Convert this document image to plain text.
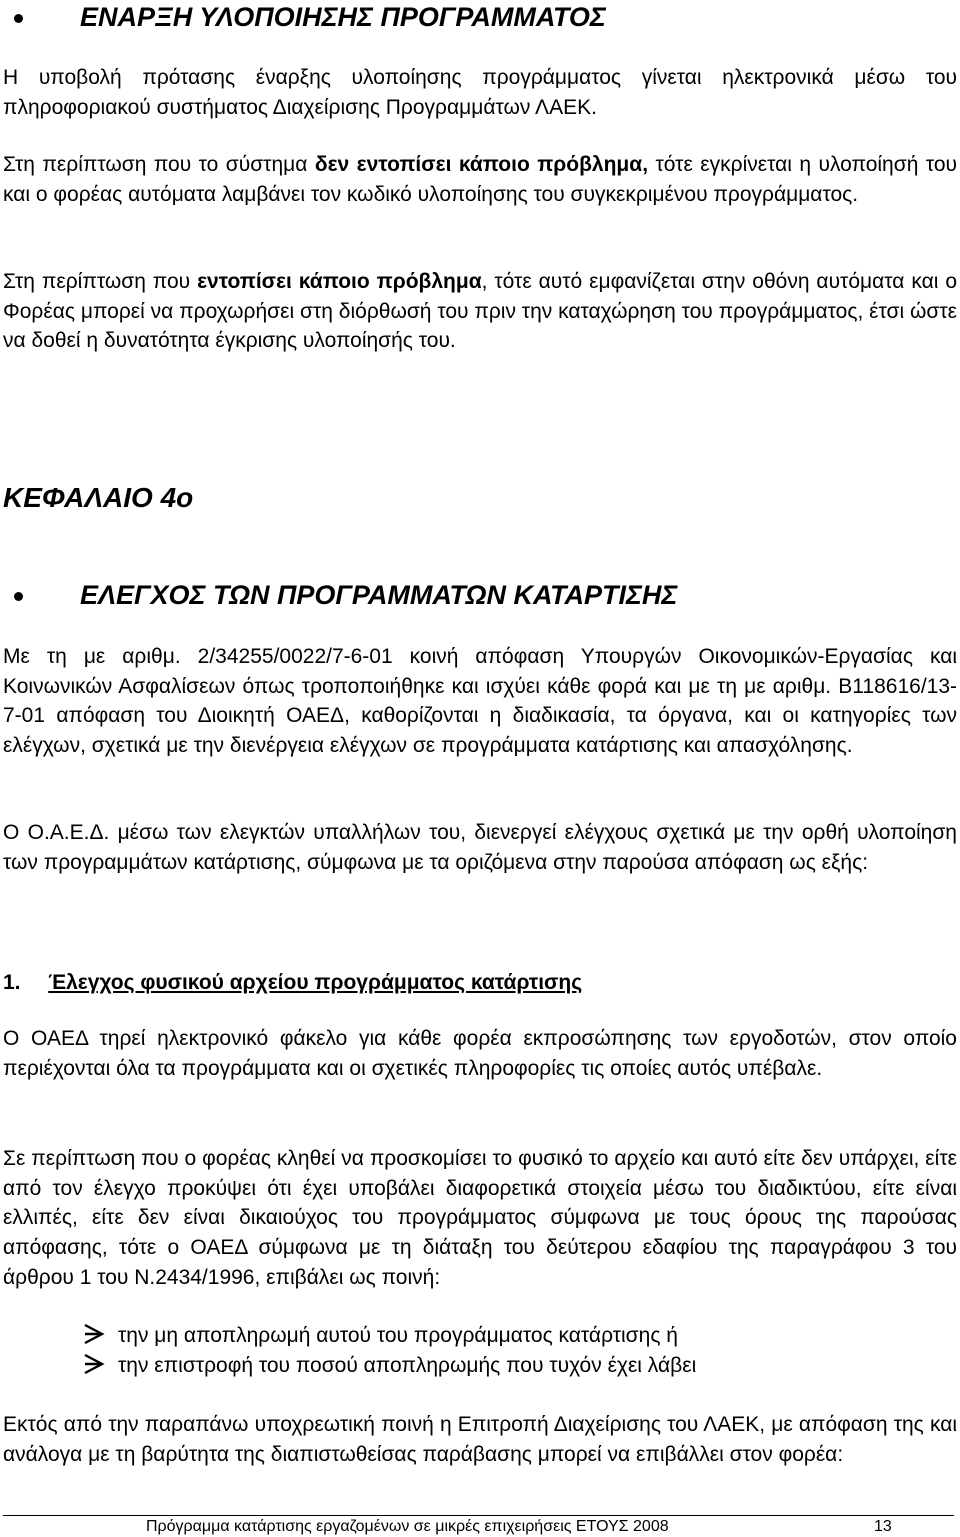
ΕΝΑΡΞΗ ΥΛΟΠΟΙΗΣΗΣ ΠΡΟΓΡΑΜΜΑΤΟΣ

Η υποβολή πρότασης έναρξης υλοποίησης προγράμματος γίνεται ηλεκτρονικά μέσω του πληροφοριακού συστήματος Διαχείρισης Προγραμμάτων ΛΑΕΚ.

Στη περίπτωση που το σύστημα δεν εντοπίσει κάποιο πρόβλημα, τότε εγκρίνεται η υλοποίησή του και ο φορέας αυτόματα λαμβάνει τον κωδικό υλοποίησης του συγκεκριμένου προγράμματος.

Στη περίπτωση που εντοπίσει κάποιο πρόβλημα, τότε αυτό εμφανίζεται στην οθόνη αυτόματα και ο Φορέας μπορεί να προχωρήσει στη διόρθωσή του πριν την καταχώρηση του προγράμματος, έτσι ώστε να δοθεί η δυνατότητα έγκρισης υλοποίησής του.

ΚΕΦΑΛΑΙΟ 4ο
ΕΛΕΓΧΟΣ ΤΩΝ ΠΡΟΓΡΑΜΜΑΤΩΝ ΚΑΤΑΡΤΙΣΗΣ

Με τη με αριθμ. 2/34255/0022/7-6-01 κοινή απόφαση Υπουργών Οικονομικών-Εργασίας και Κοινωνικών Ασφαλίσεων όπως τροποποιήθηκε και ισχύει κάθε φορά και με τη με αριθμ. Β118616/13-7-01 απόφαση του Διοικητή ΟΑΕΔ, καθορίζονται η διαδικασία, τα όργανα, και οι κατηγορίες των ελέγχων, σχετικά με την διενέργεια ελέγχων σε προγράμματα κατάρτισης και απασχόλησης.

Ο Ο.Α.Ε.Δ. μέσω των ελεγκτών υπαλλήλων του, διενεργεί ελέγχους σχετικά με την ορθή υλοποίηση των προγραμμάτων κατάρτισης, σύμφωνα με τα οριζόμενα στην παρούσα απόφαση ως εξής:

1. Έλεγχος φυσικού αρχείου προγράμματος κατάρτισης

Ο ΟΑΕΔ τηρεί ηλεκτρονικό φάκελο για κάθε φορέα εκπροσώπησης των εργοδοτών, στον οποίο περιέχονται όλα τα προγράμματα και οι σχετικές πληροφορίες τις οποίες αυτός υπέβαλε.

Σε περίπτωση που ο φορέας κληθεί να προσκομίσει το φυσικό το αρχείο και αυτό είτε δεν υπάρχει, είτε από τον έλεγχο προκύψει ότι έχει υποβάλει διαφορετικά στοιχεία μέσω του διαδικτύου, είτε είναι ελλιπές, είτε δεν είναι δικαιούχος του προγράμματος σύμφωνα με τους όρους της παρούσας απόφασης, τότε ο ΟΑΕΔ σύμφωνα με τη διάταξη του δεύτερου εδαφίου της παραγράφου 3 του άρθρου 1 του Ν.2434/1996, επιβάλει ως ποινή:

την μη αποπληρωμή αυτού του προγράμματος κατάρτισης ή
την επιστροφή του ποσού αποπληρωμής που τυχόν έχει λάβει

Εκτός από την παραπάνω υποχρεωτική ποινή η Επιτροπή Διαχείρισης του ΛΑΕΚ, με απόφαση της και ανάλογα με τη βαρύτητα της διαπιστωθείσας παράβασης μπορεί να επιβάλλει στον φορέα:

Πρόγραμμα κατάρτισης εργαζομένων σε μικρές επιχειρήσεις ΕΤΟΥΣ 2008	13
